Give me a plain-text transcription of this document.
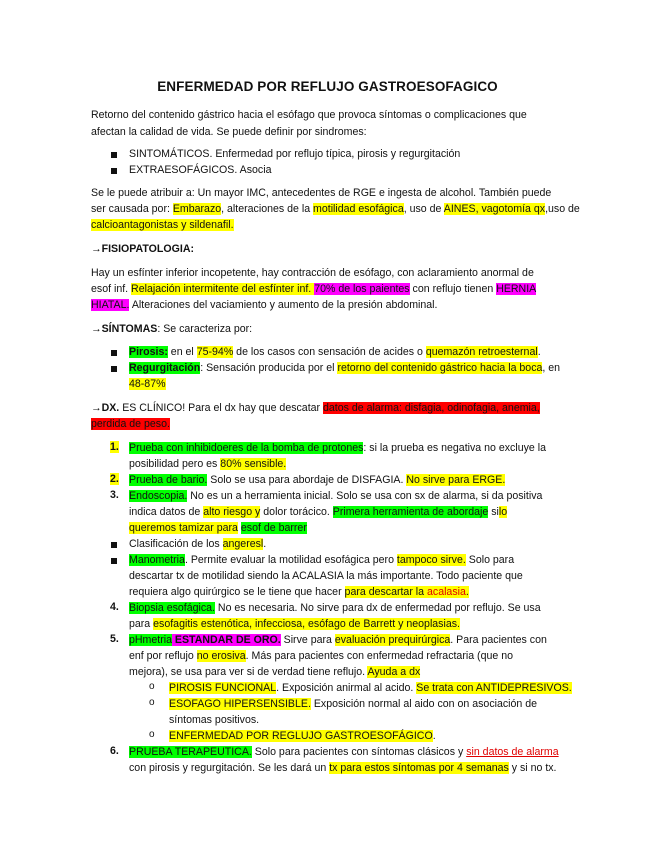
ENFERMEDAD POR REFLUJO GASTROESOFAGICO
Retorno del contenido gástrico hacia el esófago que provoca síntomas o complicaciones que
afectan la calidad de vida. Se puede definir por sindromes:
SINTOMÁTICOS. Enfermedad por reflujo típica, pirosis y regurgitación
EXTRAESOFÁGICOS. Asocia
Se le puede atribuir a: Un mayor IMC, antecedentes de RGE e ingesta de alcohol. También puede
ser causada por: Embarazo, alteraciones de la motilidad esofágica, uso de AINES, vagotomía qx,uso de
calcioantagonistas y sildenafil.
→FISIOPATOLOGIA:
Hay un esfínter inferior incopetente, hay contracción de esófago, con aclaramiento anormal de
esof inf. Relajación intermitente del esfínter inf. 70% de los paientes con reflujo tienen HERNIA
HIATAL. Alteraciones del vaciamiento y aumento de la presión abdominal.
→SÍNTOMAS: Se caracteriza por:
Pirosis: en el 75-94% de los casos con sensación de acides o quemazón retroesternal.
Regurgitación: Sensación producida por el retorno del contenido gástrico hacia la boca, en
48-87%
→DX. ES CLÍNICO! Para el dx hay que descatar datos de alarma: disfagia, odinofagia, anemia,
perdida de peso.
1. Prueba con inhibidoeres de la bomba de protones: si la prueba es negativa no excluye la
posibilidad pero es 80% sensible.
2. Prueba de bario. Solo se usa para abordaje de DISFAGIA. No sirve para ERGE.
3. Endoscopia. No es un a herramienta inicial. Solo se usa con sx de alarma, si da positiva
indica datos de alto riesgo y dolor torácico. Primera herramienta de abordaje silo
queremos tamizar para esof de barrer
Clasificación de los angeresl.
Manometria. Permite evaluar la motilidad esofágica pero tampoco sirve. Solo para
descartar tx de motilidad siendo la ACALASIA la más importante. Todo paciente que
requiera algo quirúrgico se le tiene que hacer para descartar la acalasia.
4. Biopsia esofágica. No es necesaria. No sirve para dx de enfermedad por reflujo. Se usa
para esofagitis estenótica, infecciosa, esófago de Barrett y neoplasias.
5. pHmetria ESTANDAR DE ORO. Sirve para evaluación prequirúrgica. Para pacientes con
enf por reflujo no erosiva. Más para pacientes con enfermedad refractaria (que no
mejora), se usa para ver si de verdad tiene reflujo. Ayuda a dx
o PIROSIS FUNCIONAL. Exposición anirmal al acido. Se trata con ANTIDEPRESIVOS.
o ESOFAGO HIPERSENSIBLE. Exposición normal al aido con on asociación de
síntomas positivos.
o ENFERMEDAD POR REGLUJO GASTROESOFÁGICO.
6. PRUEBA TERAPEUTICA. Solo para pacientes con síntomas clásicos y sin datos de alarma
con pirosis y regurgitación. Se les dará un tx para estos síntomas por 4 semanas y si no tx.
